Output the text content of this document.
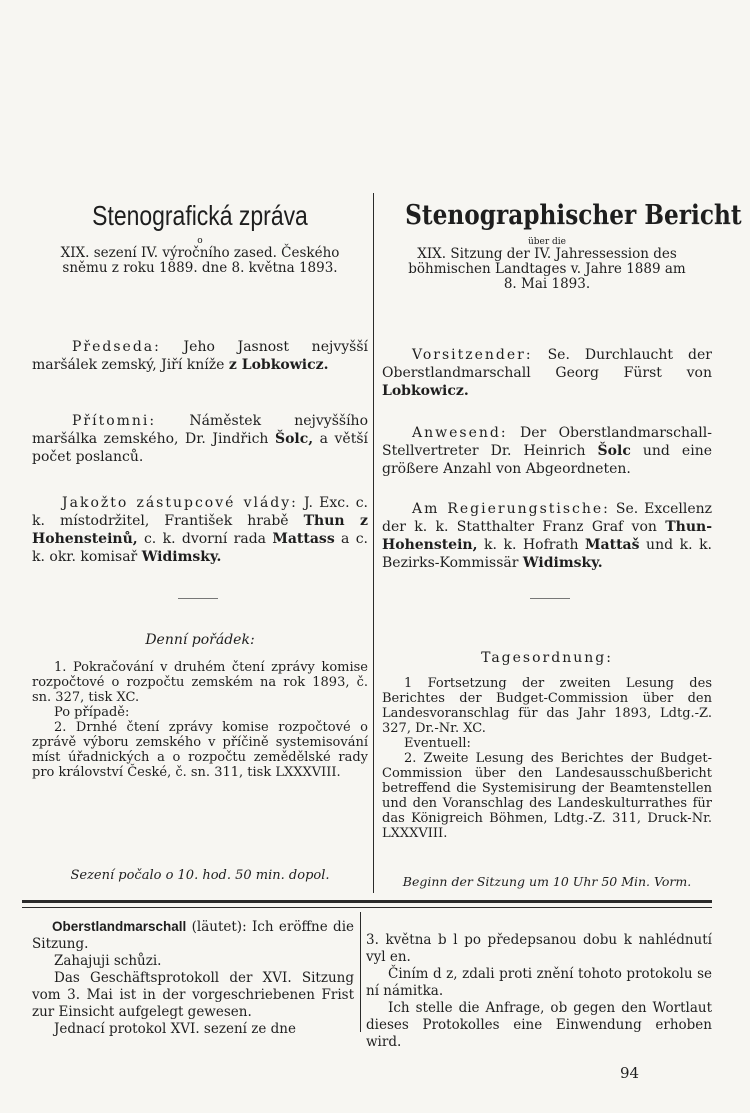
Stenografická zpráva

o

XIX. sezení IV. výročního zased. Českého

sněmu z roku 1889. dne 8. května 1893.

Předseda: Jeho Jasnost nejvyšší maršálek zemský, Jiří kníže z Lobkowicz.
Přítomni: Náměstek nejvyššího maršálka zemského, Dr. Jindřich Šolc, a větší počet poslanců.
Jakožto zástupcové vlády: J. Exc. c. k. místodržitel, František hrabě Thun z Hohensteinů, c. k. dvorní rada Mattass a c. k. okr. komisař Widimsky.

Denní pořádek:

1. Pokračování v druhém čtení zprávy komise rozpočtové o rozpočtu zemském na rok 1893, č. sn. 327, tisk XC.

Po případě:

2. Drnhé čtení zprávy komise rozpočtové o zprávě výboru zemského v příčině systemisování míst úřadnických a o rozpočtu zemědělské rady pro království České, č. sn. 311, tisk LXXXVIII.

Sezení počalo o 10. hod. 50 min. dopol.

Oberstlandmarschall (läutet): Ich eröffne die Sitzung.

Zahajuji schůzi.

Das Geschäftsprotokoll der XVI. Sitzung vom 3. Mai ist in der vorgeschriebenen Frist zur Einsicht aufgelegt gewesen.

Jednací protokol XVI. sezení ze dne

Stenographischer Bericht

über die

XIX. Sitzung der IV. Jahressession des

böhmischen Landtages v. Jahre 1889 am

8. Mai 1893.

Vorsitzender: Se. Durchlaucht der Oberstlandmarschall Georg Fürst von Lobkowicz.
Anwesend: Der Oberstlandmarschall-Stellvertreter Dr. Heinrich Šolc und eine größere Anzahl von Abgeordneten.
Am Regierungstische: Se. Excellenz der k. k. Statthalter Franz Graf von Thun-Hohenstein, k. k. Hofrath Mattaš und k. k. Bezirks-Kommissär Widimsky.

Tagesordnung:

1 Fortsetzung der zweiten Lesung des Berichtes der Budget-Commission über den Landesvoranschlag für das Jahr 1893, Ldtg.-Z. 327, Dr.-Nr. XC.

Eventuell:

2. Zweite Lesung des Berichtes der Budget-Commission über den Landesausschußbericht betreffend die Systemisirung der Beamtenstellen und den Voranschlag des Landeskulturrathes für das Königreich Böhmen, Ldtg.-Z. 311, Druck-Nr. LXXXVIII.

Beginn der Sitzung um 10 Uhr 50 Min. Vorm.

3. května b l po předepsanou dobu k nahlédnutí vyl en.

Činím d z, zdali proti znění tohoto protokolu se ní námitka.

Ich stelle die Anfrage, ob gegen den Wortlaut dieses Protokolles eine Einwendung erhoben wird.

94
